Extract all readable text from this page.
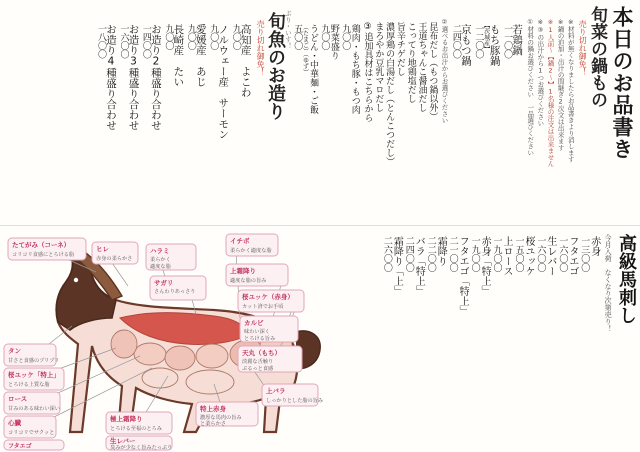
本日のお品書き
旬菜の鍋もの
売り切れ御免！
※材料が無くなりましたらお品書きより消します
※鍋の追加・出汁の間継ぎ2次文は出来ます
※1人前〜【鍋2〜】1名様の注文は出来ません
※③の出汁から1つお選びください
①材料の鍋お選びください　一品選びください
若鶏鍋
一一〇〇
もち豚鍋
【茨城産】
一二〇〇
京もつ鍋
二四〇〇
②選べるお出汁からお選びください
昆布だし（もつ鍋以外）
王道ちゃんこ醤油だし
こってり地鶏塩だし
旨辛チゲだし
濃厚鶏の白湯だし（とんこつだし）
まろやか豆乳マロだし
③追加具材はこちらから
鶏肉・もち豚・もつ肉
九〇〇
野菜盛り
九〇〇
うどん・中華麺・ご飯
（たまご）（ゆず）
五〇〇
ぶり・いす！
旬魚のお造り
売り切れ御免！
高知産　よこわ
九〇〇
ノルウェー産　サーモン
九〇〇
愛媛産　あじ
九〇〇
長崎産　たい
九〇〇
お造り2種盛り合わせ
一四〇〇
お造り3種盛り合わせ
一六〇〇
お造り4種盛り合わせ
一八〇〇
高級馬刺し
今月入荷　なくなり次第売り！
赤身
一三〇〇
フタエゴ
一六〇〇
生レバー
一六〇〇
桜ユッケ
一五〇〇
上ロース
一九〇〇
赤身「特上」
一九〇〇
フタエゴ「特上」
二一〇〇
霜降り
二二〇〇
バラ「特上」
二四〇〇
霜降り「上」
二六〇〇
たてがみ（コーネ）
コリコリ食感にとろける脂
ヒレ
赤身の柔らかさ
ハラミ
柔らかく
適度な脂
イチボ
柔らかく適度な脂
サガリ
さんわりあっさり
上霜降り
適度な脂の旨み
桜ユッケ（赤身）
カット済でお手頃
カルビ
味わい深く
とろける旨み
天丸（もち）
淡麗な舌触り
ぷるっと食感
タン
甘さと食感のプリプリ
桜ユッケ「特上」
とろける上質な脂
ロース
甘みのある味わい深い
心臓
コリコリでサクッと
フタエゴ
特上赤身
濃厚な馬肉の旨み
と柔らかさ
極上霜降り
とろける至福のとろみ
生レバー
臭みが少なく旨みたっぷり
上バラ
しっかりとした脂の旨み
